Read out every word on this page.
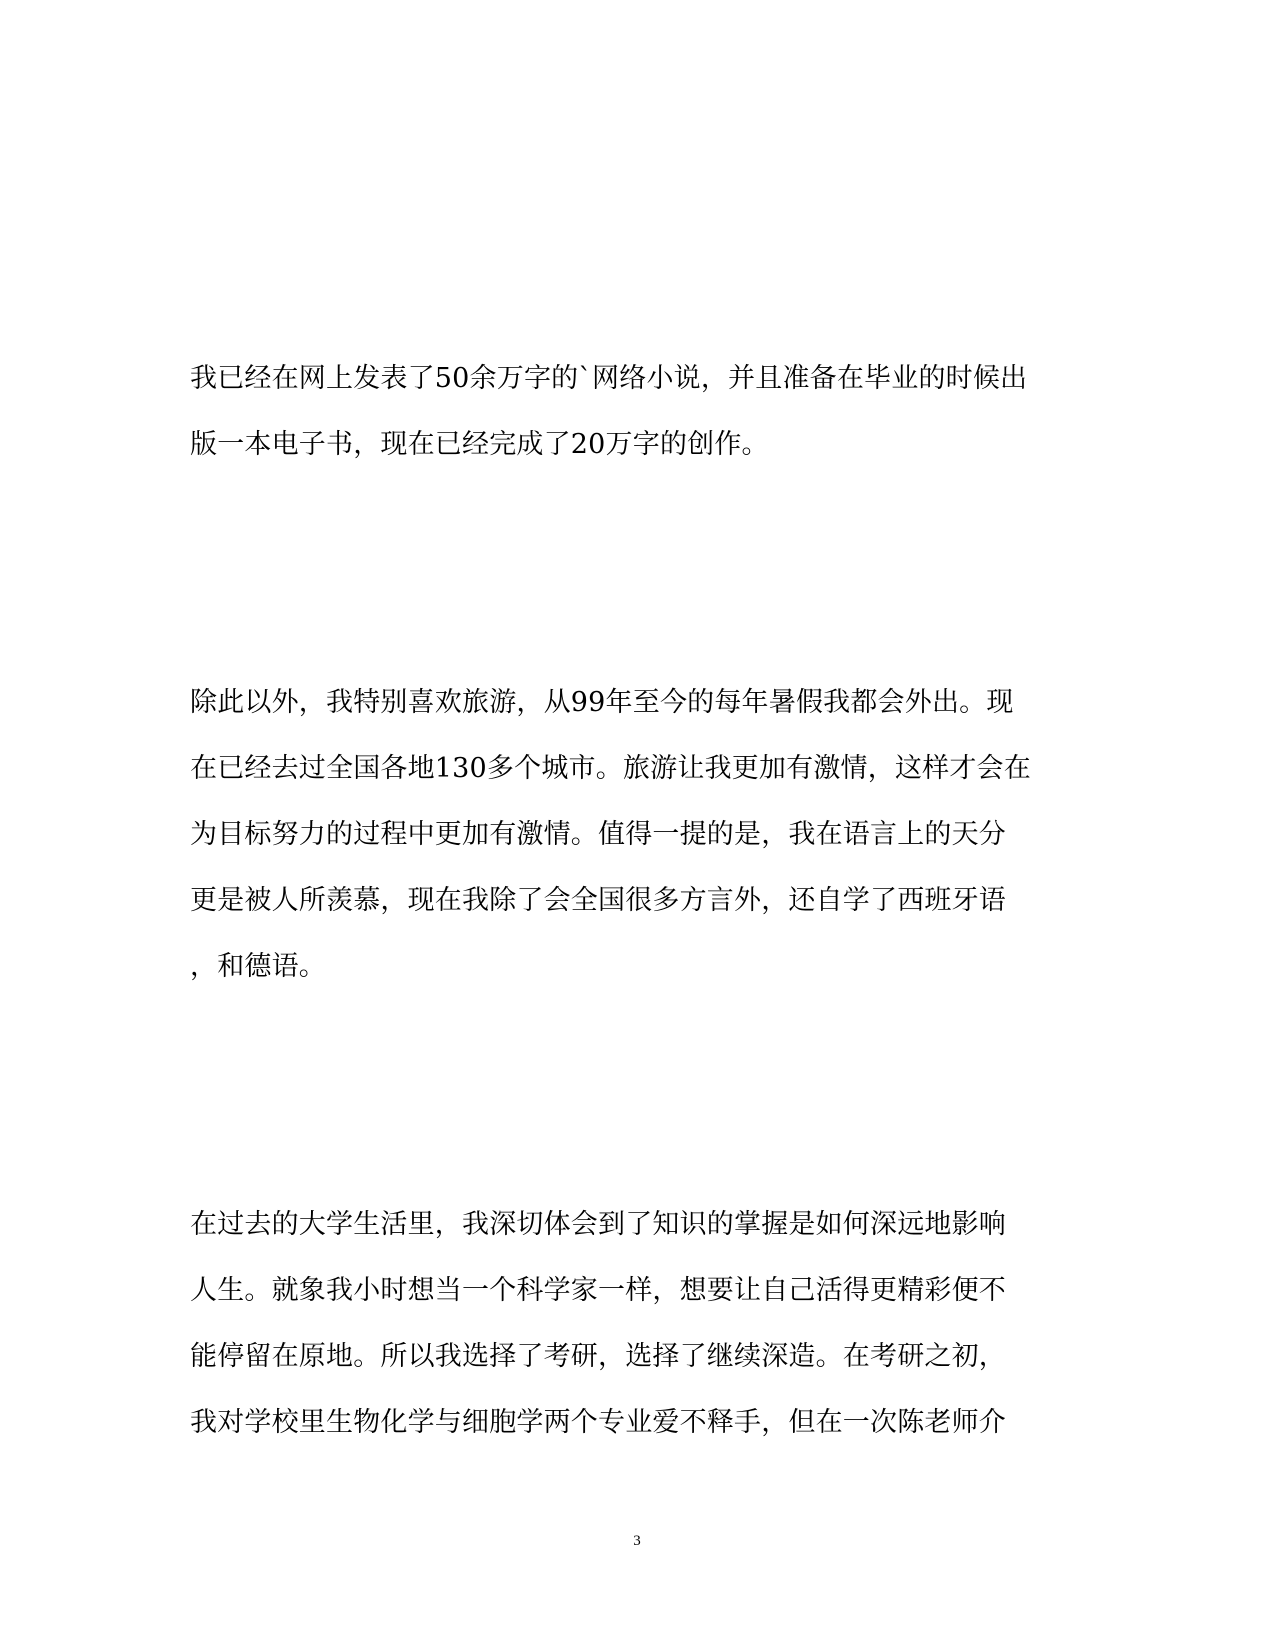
我已经在网上发表了50余万字的`网络小说，并且准备在毕业的时候出
版一本电子书，现在已经完成了20万字的创作。
除此以外，我特别喜欢旅游，从99年至今的每年暑假我都会外出。现
在已经去过全国各地130多个城市。旅游让我更加有激情，这样才会在
为目标努力的过程中更加有激情。值得一提的是，我在语言上的天分
更是被人所羡慕，现在我除了会全国很多方言外，还自学了西班牙语
，和德语。
在过去的大学生活里，我深切体会到了知识的掌握是如何深远地影响
人生。就象我小时想当一个科学家一样，想要让自己活得更精彩便不
能停留在原地。所以我选择了考研，选择了继续深造。在考研之初，
我对学校里生物化学与细胞学两个专业爱不释手，但在一次陈老师介
3
